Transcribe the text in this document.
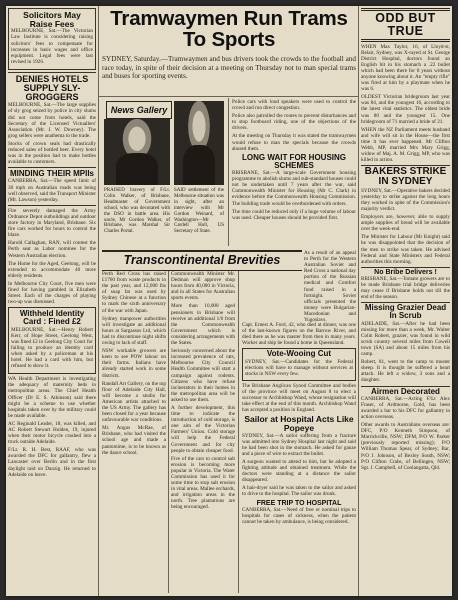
Solicitors May Raise Fees

MELBOURNE, Sat.—The Victorian Law Institute is considering raising solicitors' fees to compensate for increases in basic wages and office equipment. Legal fees were last revised in 1926.

DENIES HOTELS SUPPLY SLY-GROGGERS

MELBOURNE, Sat.—The large supplies of sly grog seized by police in city slums did not come from hotels, said the Secretary of the Licensed Victuallers' Association (Mr. J. W. Downey). The grog sellers were anathema to the trade.

Stocks of crown seals had drastically reduced sales of bottled beer. Every hotel was in the position had to make bottles available to customers.

MINDING THEIR MPIIs

CANBERRA, Sat.—The speed limit of 30 mph on Australian roads was being well observed, said the Transport Minister (Mr. Lawson) yesterday.

Fire severely damaged the Army Ordnance Depot outbuildings and outdoor store factory in Maryland, Brisbane. Six fire cars worked for hours to control the blaze.

Harold Callaghan, RAN, will contest the Perth seat as Labor nominee for the Western Australian election.

The Home for the Aged, Geelong, will be extended to accommodate 40 more elderly residents.

In Melbourne City Court, five men were fined for having gambled in Elizabeth Street. Each of the charges of playing two-up was dismissed.

Withheld Identity Card : Fined £2

MELBOURNE, Sat.—Henry Robert Kerr, of Hope Street, Geelong West, was fined £2 in Geelong City Court for failing to produce an identity card when asked by a policeman at his hotel. He had a card with him, but refused to show it.

WA Health Department is investigating the adequacy of maternity beds in metropolitan areas. The Chief Health Officer (Dr E. S. Atkinson) said there might be a scheme to use whether hospitals taken over by the military could be made available.

AC Reginald Leader, 18, was killed, and AC Robert Stewart Holden, 19, injured when their motor bicycle crashed into a truck outside Adelaide.

F/Lt. R. H. Best, RAAF, who was awarded the DFC for gallantry, flew a Lancaster over Berlin and in the first daylight raid on Danzig. He returned to Adelaide on leave.

Tramwaymen Run Trams To Sports

SYDNEY, Saturday.—Tramwaymen and bus drivers took the crowds to the football and race today, in spite of their decision at a meeting on Thursday not to man special trams and buses for sporting events.

News Gallery

PRAISED bravery of F/Lt. Colin Walker, of Brisbane, Headmaster of Government school, who was decorated with the DSO in battle area. His uncle, Mr Gordon Walker, of Brisbane, was Marshal Sir Charles Portal.

SAID settlement of the Melbourne situation was in sight, after an interview with Mr Gordon Weinard, of Washington—Mr Cardell Hull, US Secretary of State.

Police cars with loud speakers were used to control the crowd and run direct congestion.

Police also patrolled the routes to prevent disturbances and to stop footboard riding, one of the objections of the drivers.

At the meeting on Thursday it was stated the tramwaymen would refuse to man the specials because the crowds abused them.

LONG WAIT FOR HOUSING SCHEMES

BRISBANE, Sat.—A large-scale Government housing programme to abolish slums and sub-standard houses could not be undertaken until 7 years after the war, said Commonwealth Minister for Housing (Mr C. Clark) in evidence before the Commonwealth Housing Commission. The building trade would be overburdened with orders.

The time could be reduced only if a huge volume of labour was used. Cheaper houses should be provided first.

Transcontinental Brevities	As a result of an appeal to Perth for the Western Australian Soviet and Red Cross a national day portion of the Russian medical and Comfort fund raised in a fortnight. Soviet officials presented the money were Bulgarian-Macedonian and Yugoslavs.

Perth Red Cross has raised £1760 from waste products in the past year, and 12,000 lbs of soap fat was used by Sydney Chinese at a function to mark the sixth anniversary of the war with Japan.

Sydney manpower authorities will investigate an additional hours at Sargassos Ltd, which had to discontinue night shifts owing to lack of staff.

NSW workable growers are keen to see POW labour on their farms. Italians have already started work in some districts.

Randall Art Gallery, on the top floor of Adelaide City Hall, will become a studio for American artists attached to the US Army. The gallery has been closed for a year because unfavourable war conditions.

Mr. Angus McRae, of Brisbane, who had visited the school age and made a pantomime, is to be known as the dance school.

Commonwealth Minister Mr. Dedman will approve shop hours from 40,000 in Victoria, and in all States for Australian sports events.

More than 10,000 aged pensioners in Brisbane will receive an additional 1/6 from the Commonwealth Government which is considering arrangements with the States.

Seriously concerned about the increased prevalence of rats, Melbourne City Council Health Committee will start a campaign against rodents. Citizens who have refuse incinerators in their homes in the metropolitan area will be asked to use them.

A further development, this time to indicate the introduction of cold storage, is one aim of the Victorian Farmers' Union. Cold storage will help the Federal Government and for city people to obtain cheaper food.

Five of the cars to control salt erosion is becoming more popular in Victoria. The Water Commission has used it for some time to stop salt erosion in vital areas. Mallee orchards, and irrigation areas in the north. Tree plantations are being encouraged.

Capt. Ernest A. Ford, 42, who died at dinner, was one of the last-known figures on the Barrow River, and died there as he was master from then in many years. Worker and ship he found a home in Queensland.

Vote-Wooing Cut

SYDNEY, Sat.—Candidates for the Federal elections will have to manage without services at stocks in NSW every few.

The Brisbane Anglican Synod Committee and bodies of the province will meet on August 8 to elect a successor to Archbishop Wand, whose resignation will take effect at the end of this month. Archbishop Wand has accepted a position in England.

Sailor at Hospital Acts Like Popeye

SYDNEY, Sat.—A sailor suffering from a fracture was admitted into Sydney Hospital last night and said he had been shot in the stomach. He asked for gauze and a piece of wire to extract the bullet.

A surgeon wanted to attend to him, but he adopted a fighting attitude and obtained treatment. While the doctors were standing at a distance the sailor disappeared.

A hair-dryer said he was taken to the sailor and asked to drive to the hospital. The sailor was drunk.

FREE TRIP TO HOSPITAL

CANBERRA, Sat.—Need of free or nominal trips to hospitals for cases of sickness, when the patient cannot be taken by ambulance, is being considered.

ODD BUT TRUE

WHEN Max Taylor, 16, of Lloyd-st, Belair, Sydney, was X-rayed at St. George District Hospital, doctors found an English bit in his stomach a .22 bullet which had been there for 8 years without anyone knowing about it. An "empty rifle" was fired at him by a playmate when he was 6.

OLDEST Victorian bridegroom last year was 84, and the youngest 16, according to the latest vital statistics. The oldest bride was 80 and the youngest 15. One bridegroom of 71 married a bride of 21.

WHEN the NZ Parliament meets husband and wife will sit in the House—the first time it has ever happened. Mr Clifton Webb, MP, married Mrs Mary Grigg, widow of Maj. A. M. Grigg, MP, who was killed in action.

BAKERS STRIKE IN SYDNEY

SYDNEY, Sat.—Operative bakers decided yesterday to strike against the long hours they worked in spite of the Commission's majority verdict.

Employers are, however, able to supply ample supplies of bread will be available over the week-end.

The Minister for Labour (Mr Knight) said he was disappointed that the decision of the men to strike was taken. He advised Federal and State Ministers and Federal authorities this morning.

No Bribe Delivers !

BRISBANE, Sat.—Tomato growers are to be made Brisbane trial bridge deliveries may cease if Brisbane holds out till the end of the season.

Missing Grazier Dead In Scrub

ADELAIDE, Sat.—After he had been missing for more than a week, Mr. Walter Colin Robert, grazier, was found in wild scrub country several miles from Cowell town (SA) and about 15 miles from his camp.

Robert, 81, went to the camp to muster sheep. It is thought he suffered a heart attack. He left a widow, 3 sons and a daughter.

Airmen Decorated

CANBERRA, Sat.—Acting F/Lt Alex Fraser, of Ardmorne, Gold, has been awarded a bar to his DFC for gallantry in action overseas.

Other awards to Australians overseas are: DFC, P/O Kenneth Simpson, of Marrickville, NSW; DFM, P/O W. Parker (previously reported missing); P/O William Thomas Spear, of Sydney; Bar, P/O J. Johnson, of Bexley South, NSW; P/O Clifton Crabs, of Bellingen, NSW; Sgt. J. Campbell, of Coolangatta, Qld.
